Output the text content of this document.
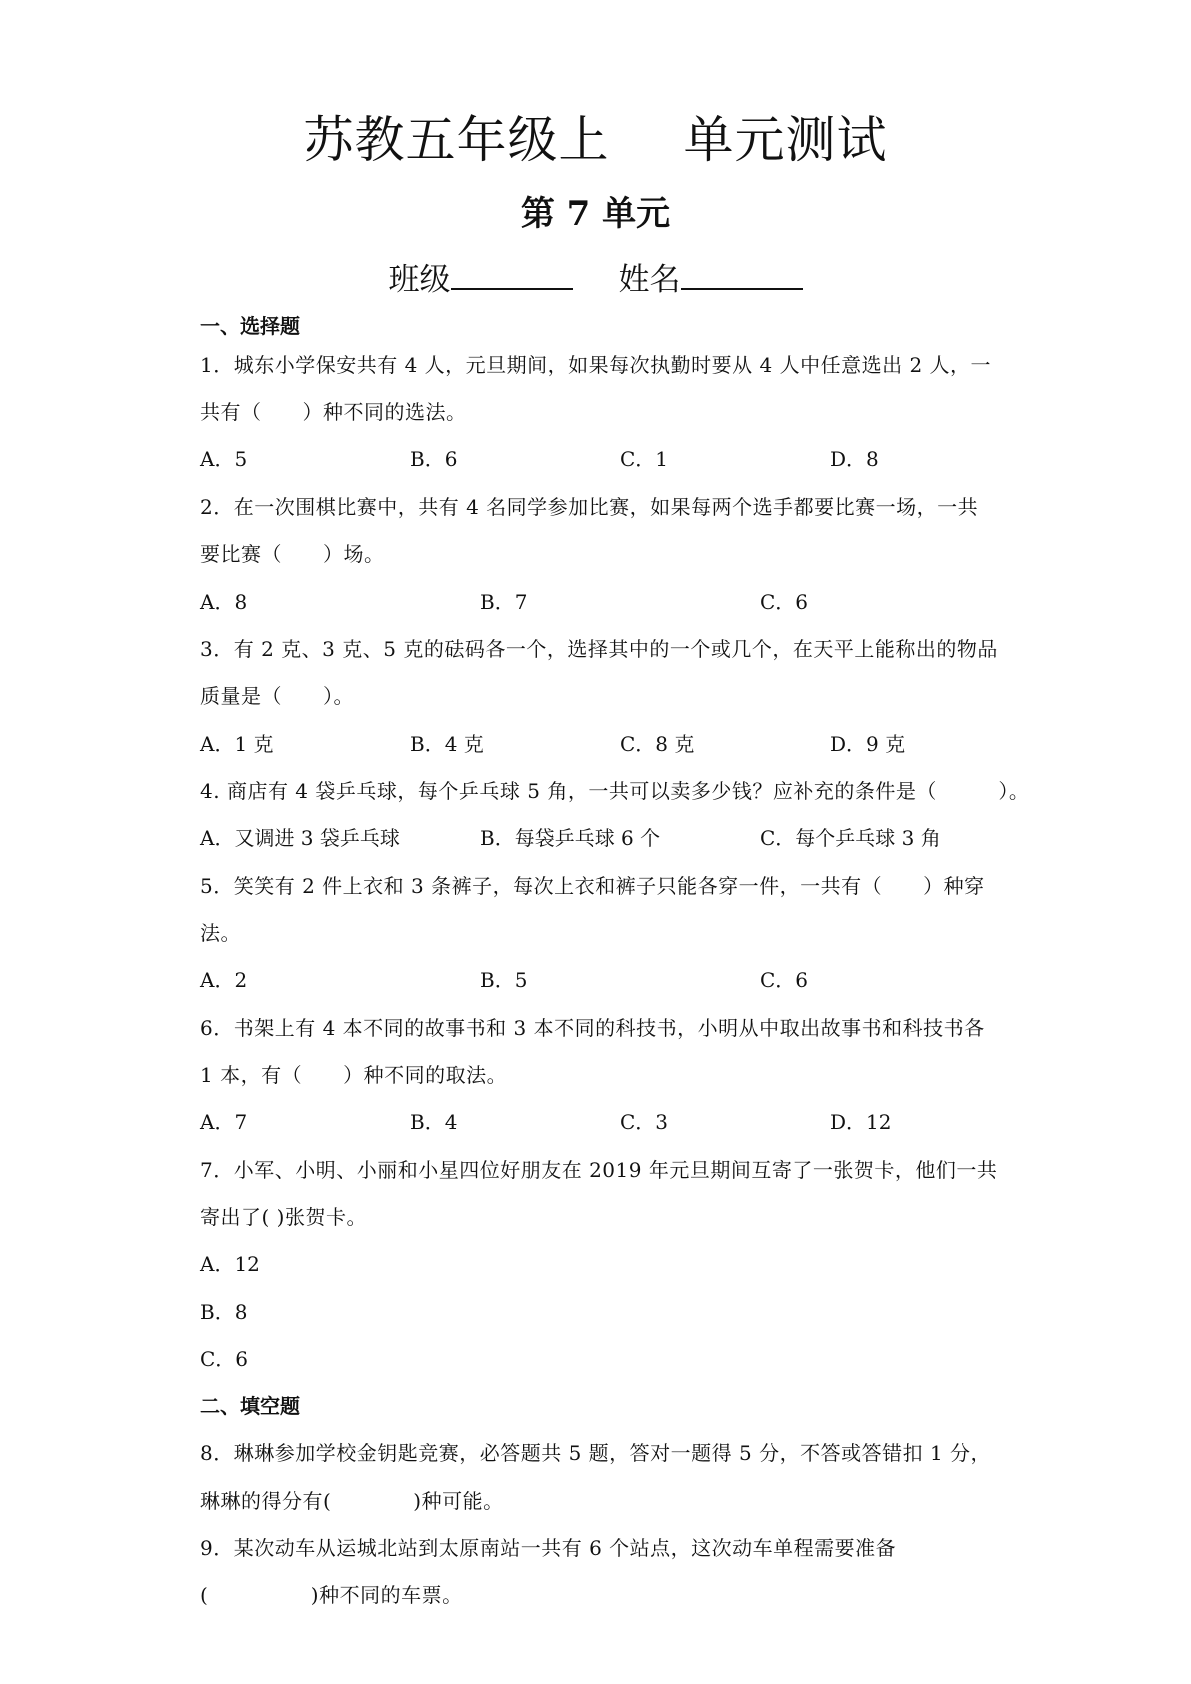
苏教五年级上 单元测试
第 7 单元
班级	姓名
一、选择题
1．城东小学保安共有 4 人，元旦期间，如果每次执勤时要从 4 人中任意选出 2 人，一
共有（　　）种不同的选法。
A．5	B．6	C．1	D．8
2．在一次围棋比赛中，共有 4 名同学参加比赛，如果每两个选手都要比赛一场，一共
要比赛（　　）场。
A．8	B．7	C．6
3．有 2 克、3 克、5 克的砝码各一个，选择其中的一个或几个，在天平上能称出的物品
质量是（　　）。
A．1 克	B．4 克	C．8 克	D．9 克
4. 商店有 4 袋乒乓球，每个乒乓球 5 角，一共可以卖多少钱？应补充的条件是（　　　）。
A．又调进 3 袋乒乓球	B．每袋乒乓球 6 个	C．每个乒乓球 3 角
5．笑笑有 2 件上衣和 3 条裤子，每次上衣和裤子只能各穿一件，一共有（　　）种穿
法。
A．2	B．5	C．6
6．书架上有 4 本不同的故事书和 3 本不同的科技书，小明从中取出故事书和科技书各
1 本，有（　　）种不同的取法。
A．7	B．4	C．3	D．12
7．小军、小明、小丽和小星四位好朋友在 2019 年元旦期间互寄了一张贺卡，他们一共
寄出了( )张贺卡。
A．12
B．8
C．6
二、填空题
8．琳琳参加学校金钥匙竞赛，必答题共 5 题，答对一题得 5 分，不答或答错扣 1 分，
琳琳的得分有(　　　　)种可能。
9．某次动车从运城北站到太原南站一共有 6 个站点，这次动车单程需要准备
(　　　　　)种不同的车票。
